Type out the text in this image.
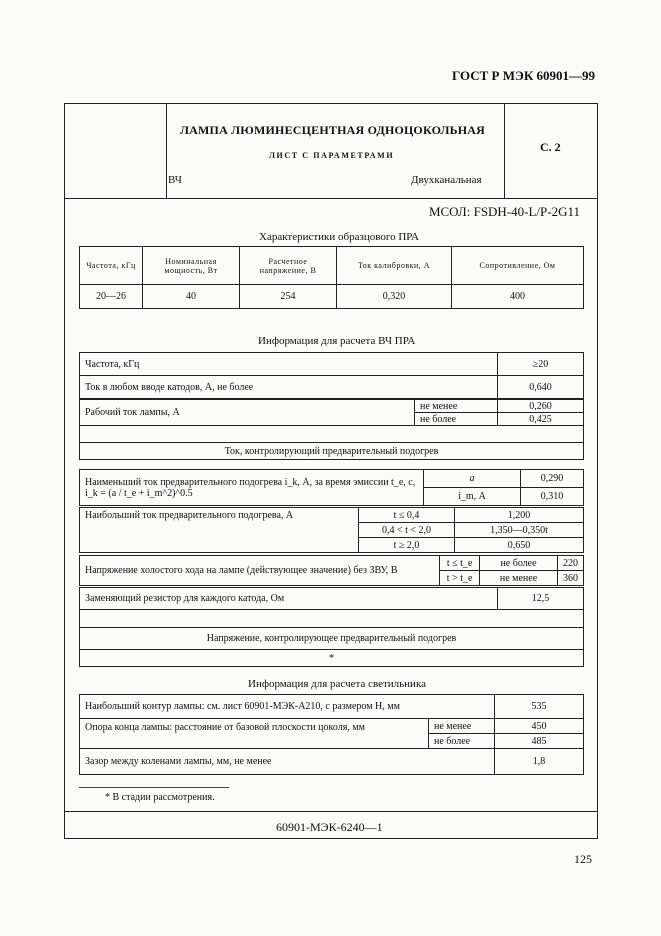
ГОСТ Р МЭК 60901—99
ЛАМПА ЛЮМИНЕСЦЕНТНАЯ ОДНОЦОКОЛЬНАЯ
ЛИСТ С ПАРАМЕТРАМИ
ВЧ	Двухканальная
С. 2
МСОЛ: FSDH-40-L/P-2G11
Характеристики образцового ПРА
Частота, кГц	Номинальная мощность, Вт	Расчетное напряжение, В	Ток калибровки, А	Сопротивление, Ом
20—26	40	254	0,320	400
Информация для расчета ВЧ ПРА
Частота, кГц	≥20
Ток в любом вводе катодов, А, не более	0,640
Рабочий ток лампы, А	не менее	0,260
	не более	0,425

Ток, контролирующий предварительный подогрев		
Наименьший ток предварительного подогрева i_k, А, за время эмиссии t_e, с, i_k = (a / t_e + i_m^2)^0.5	a	0,290
	i_m, А	0,310
Наибольший ток предварительного подогрева, А	t ≤ 0,4	1,200
	0,4 < t < 2,0	1,350—0,350t
	t ≥ 2,0	0,650
Напряжение холостого хода на лампе (действующее значение) без ЗВУ, В	t ≤ t_e	не более	220
	t > t_e	не менее	360
Заменяющий резистор для каждого катода, Ом	12,5

Напряжение, контролирующее предварительный подогрев
*
Информация для расчета светильника
Наибольший контур лампы: см. лист 60901-МЭК-А210, с размером H, мм		535
Опора конца лампы: расстояние от базовой плоскости цоколя, мм	не менее	450
	не более	485
Зазор между коленами лампы, мм, не менее		1,8
* В стадии рассмотрения.
60901-МЭК-6240—1
125
